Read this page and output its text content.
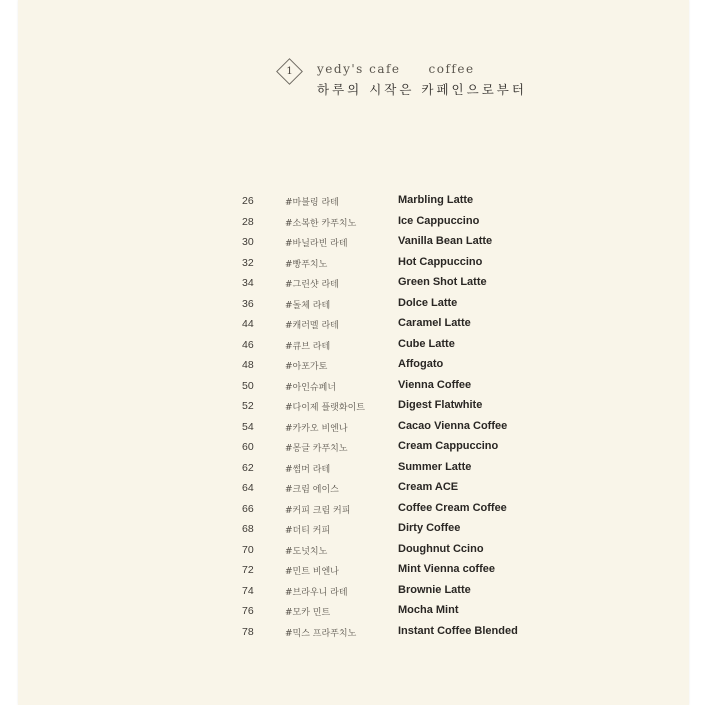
1	yedy's cafe coffee
하루의 시작은 카페인으로부터
26	#마블링 라테	Marbling Latte
28	#소복한 카푸치노	Ice Cappuccino
30	#바닐라빈 라테	Vanilla Bean Latte
32	#빵푸치노	Hot Cappuccino
34	#그린샷 라테	Green Shot Latte
36	#돌체 라테	Dolce Latte
44	#캐러멜 라테	Caramel Latte
46	#큐브 라테	Cube Latte
48	#아포가토	Affogato
50	#아인슈페너	Vienna Coffee
52	#다이제 플랫화이트	Digest Flatwhite
54	#카카오 비엔나	Cacao Vienna Coffee
60	#몽글 카푸치노	Cream Cappuccino
62	#썸머 라테	Summer Latte
64	#크림 에이스	Cream ACE
66	#커피 크림 커피	Coffee Cream Coffee
68	#더티 커피	Dirty Coffee
70	#도넛치노	Doughnut Ccino
72	#민트 비엔나	Mint Vienna coffee
74	#브라우니 라테	Brownie Latte
76	#모카 민트	Mocha Mint
78	#믹스 프라푸치노	Instant Coffee Blended
